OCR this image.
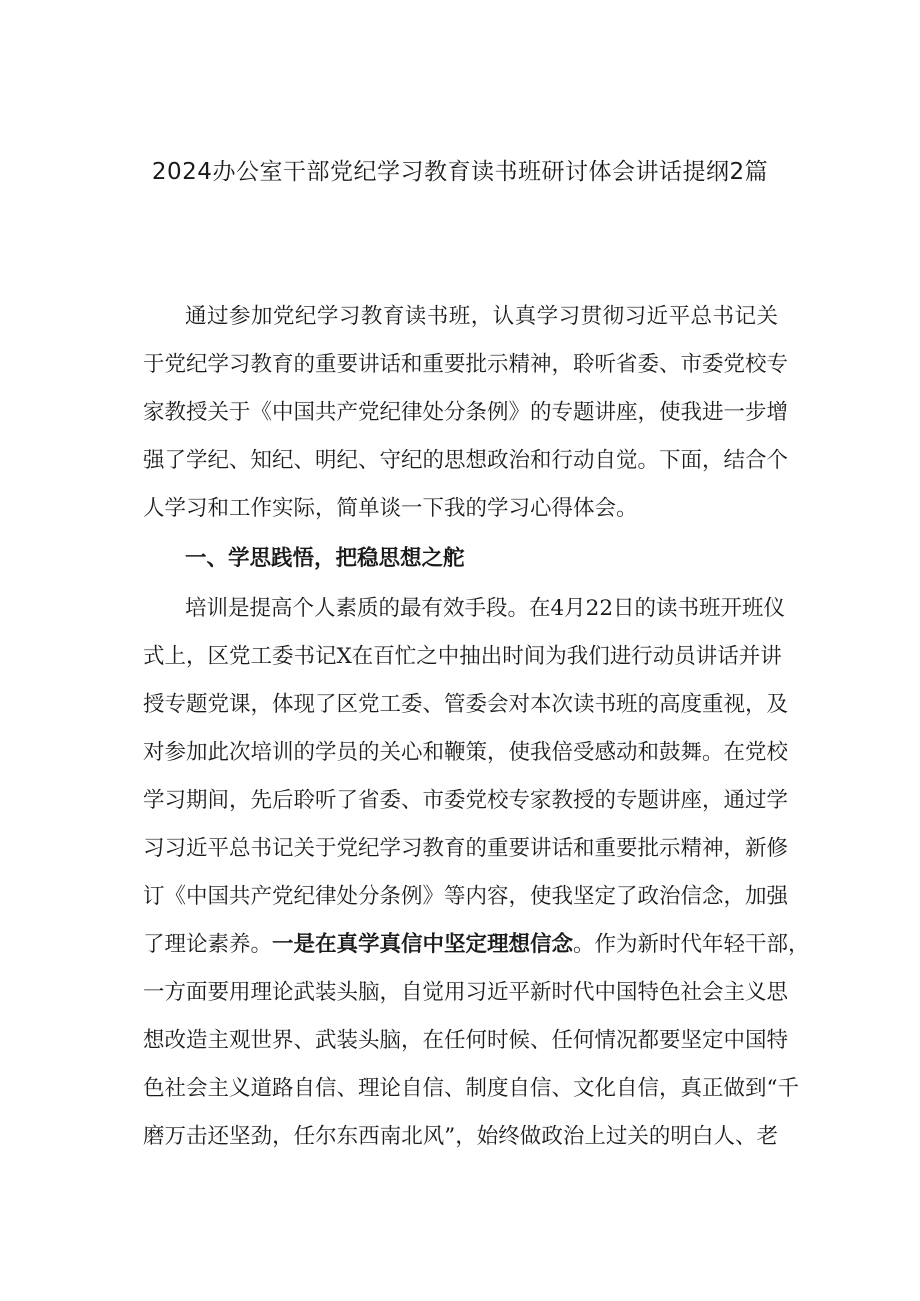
2024办公室干部党纪学习教育读书班研讨体会讲话提纲2篇
通过参加党纪学习教育读书班，认真学习贯彻习近平总书记关
于党纪学习教育的重要讲话和重要批示精神，聆听省委、市委党校专
家教授关于《中国共产党纪律处分条例》的专题讲座，使我进一步增
强了学纪、知纪、明纪、守纪的思想政治和行动自觉。下面，结合个
人学习和工作实际，简单谈一下我的学习心得体会。
一、学思践悟，把稳思想之舵
培训是提高个人素质的最有效手段。在4月22日的读书班开班仪
式上，区党工委书记X在百忙之中抽出时间为我们进行动员讲话并讲
授专题党课，体现了区党工委、管委会对本次读书班的高度重视，及
对参加此次培训的学员的关心和鞭策，使我倍受感动和鼓舞。在党校
学习期间，先后聆听了省委、市委党校专家教授的专题讲座，通过学
习习近平总书记关于党纪学习教育的重要讲话和重要批示精神，新修
订《中国共产党纪律处分条例》等内容，使我坚定了政治信念，加强
了理论素养。一是在真学真信中坚定理想信念。作为新时代年轻干部，
一方面要用理论武装头脑，自觉用习近平新时代中国特色社会主义思
想改造主观世界、武装头脑，在任何时候、任何情况都要坚定中国特
色社会主义道路自信、理论自信、制度自信、文化自信，真正做到“千
磨万击还坚劲，任尔东西南北风”，始终做政治上过关的明白人、老
